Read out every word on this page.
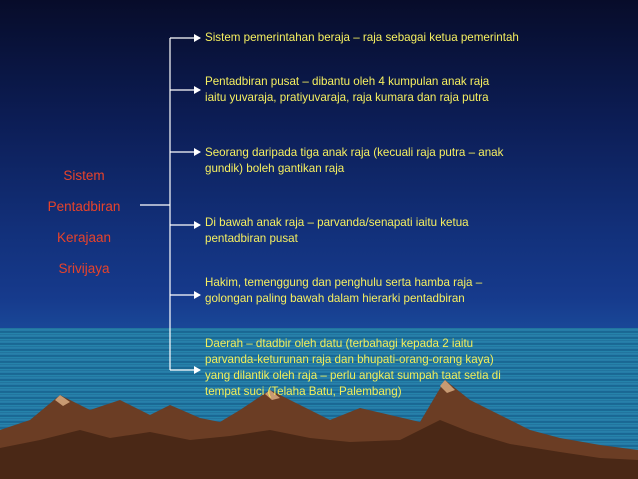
Sistem
Pentadbiran
Kerajaan
Srivijaya
Sistem pemerintahan beraja – raja sebagai ketua pemerintah
Pentadbiran pusat – dibantu oleh 4 kumpulan anak raja
iaitu yuvaraja, pratiyuvaraja, raja kumara dan raja putra
Seorang daripada tiga anak raja (kecuali raja putra – anak
gundik) boleh gantikan raja
Di bawah anak raja – parvanda/senapati iaitu ketua
pentadbiran pusat
Hakim, temenggung dan penghulu serta hamba raja –
golongan paling bawah dalam hierarki pentadbiran
Daerah – dtadbir oleh datu (terbahagi kepada 2 iaitu
parvanda-keturunan raja dan bhupati-orang-orang kaya)
yang dilantik oleh raja – perlu angkat sumpah taat setia di
tempat suci (Telaha Batu, Palembang)
